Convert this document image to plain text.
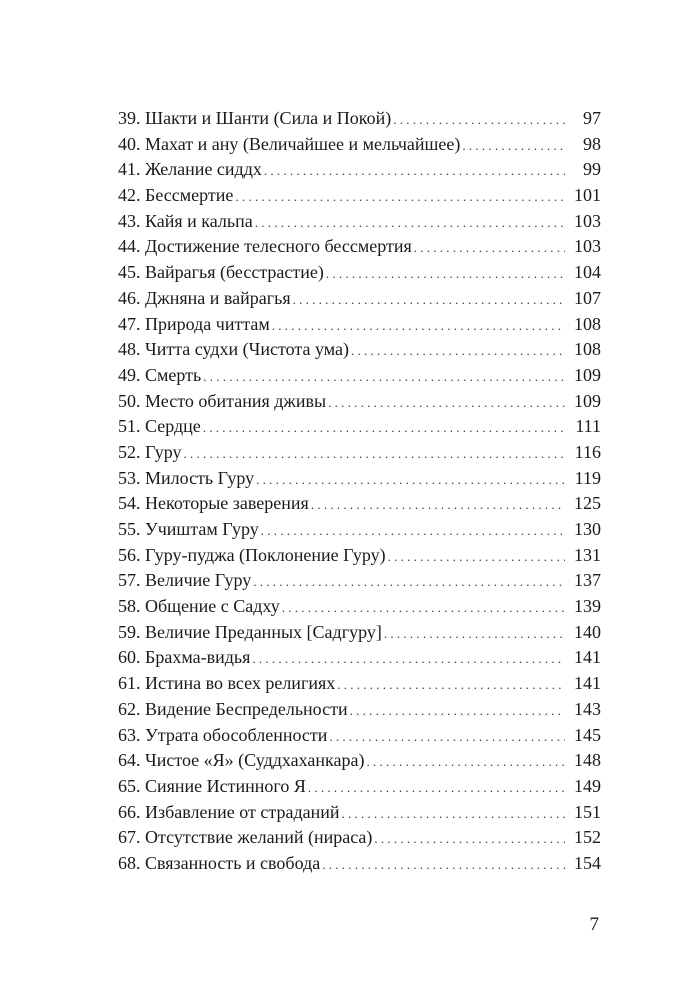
39. Шакти и Шанти (Сила и Покой) . . .	97
40. Махат и ану (Величайшее и мельчайшее) . . .	98
41. Желание сиддх . . .	99
42. Бессмертие . . .	101
43. Кайя и кальпа . . .	103
44. Достижение телесного бессмертия . . .	103
45. Вайрагья (бесстрастие) . . .	104
46. Джняна и вайрагья . . .	107
47. Природа читтам . . .	108
48. Читта судхи (Чистота ума) . . .	108
49. Смерть . . .	109
50. Место обитания дживы . . .	109
51. Сердце . . .	111
52. Гуру . . .	116
53. Милость Гуру . . .	119
54. Некоторые заверения . . .	125
55. Учиштам Гуру . . .	130
56. Гуру-пуджа (Поклонение Гуру) . . .	131
57. Величие Гуру . . .	137
58. Общение с Садху . . .	139
59. Величие Преданных [Садгуру] . . .	140
60. Брахма-видья . . .	141
61. Истина во всех религиях . . .	141
62. Видение Беспредельности . . .	143
63. Утрата обособленности . . .	145
64. Чистое «Я» (Суддхаханкара) . . .	148
65. Сияние Истинного Я . . .	149
66. Избавление от страданий . . .	151
67. Отсутствие желаний (нираса) . . .	152
68. Связанность и свобода . . .	154
7
